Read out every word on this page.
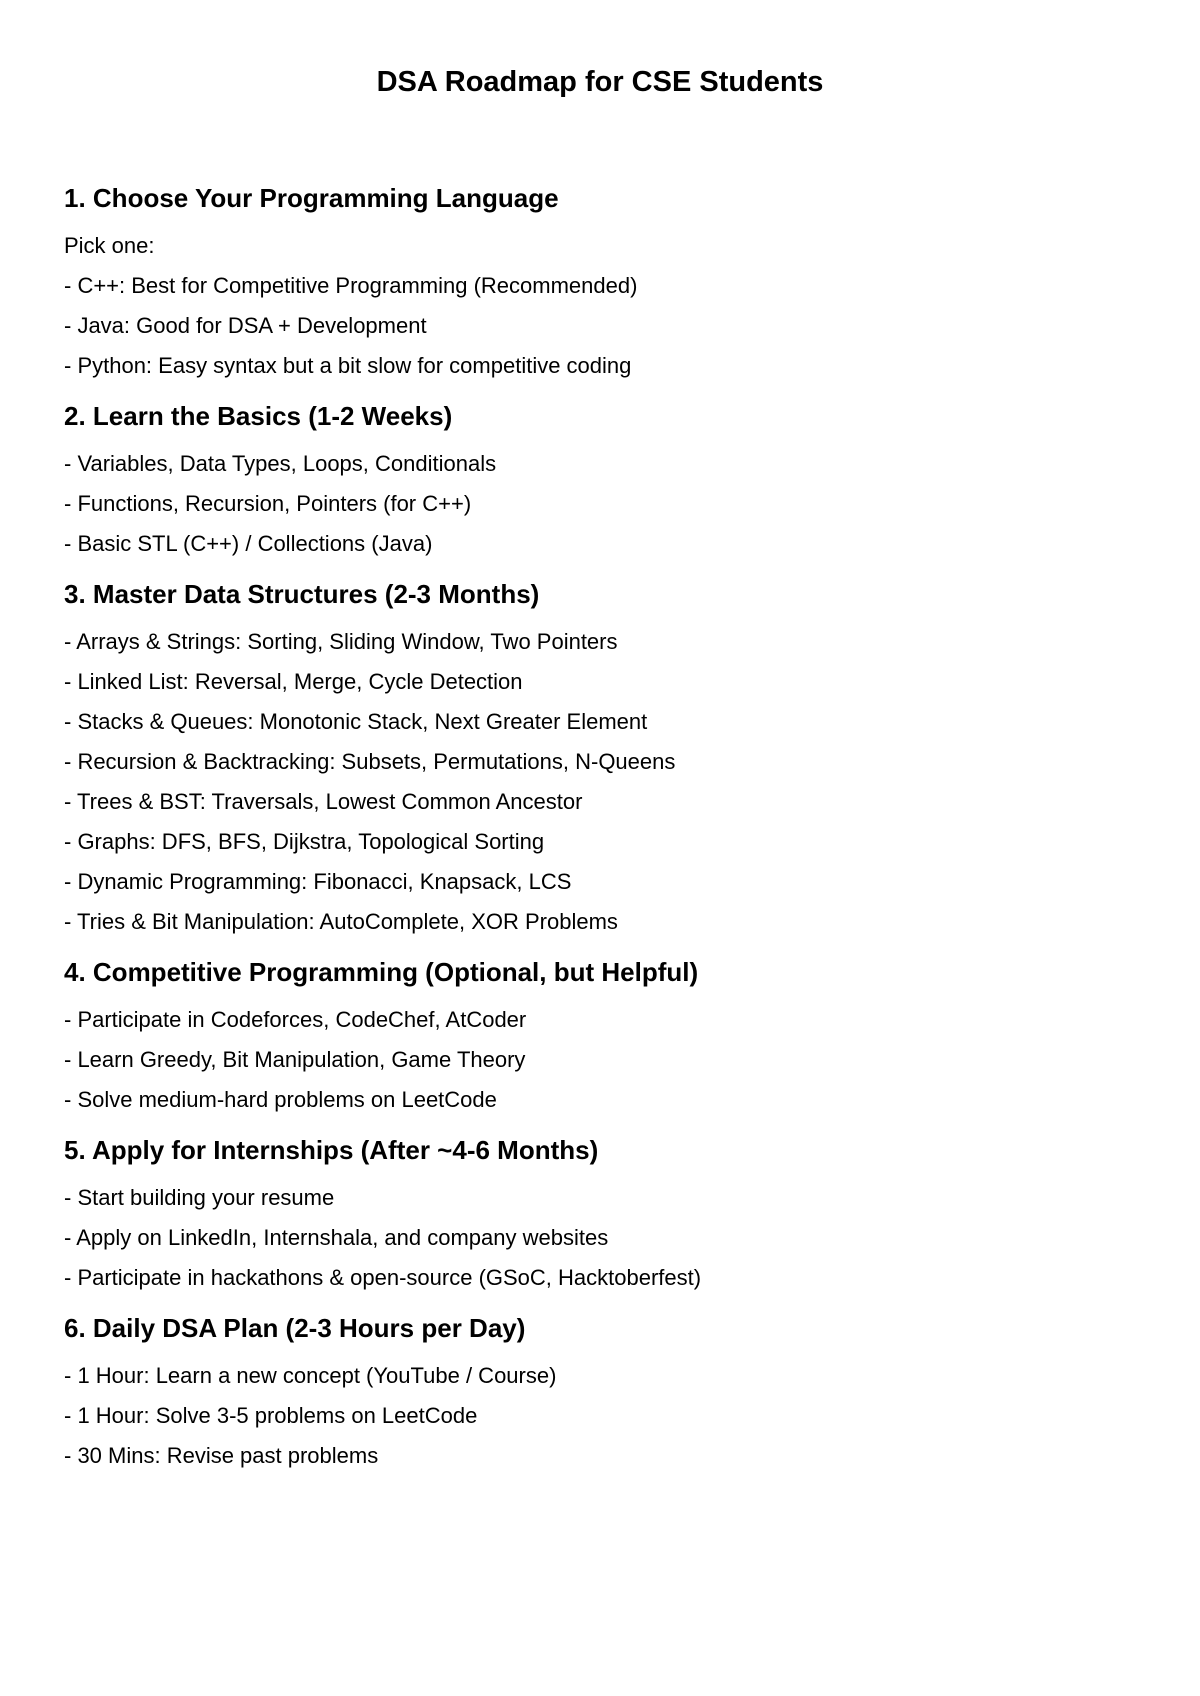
DSA Roadmap for CSE Students
1. Choose Your Programming Language

Pick one:

- C++: Best for Competitive Programming (Recommended)

- Java: Good for DSA + Development

- Python: Easy syntax but a bit slow for competitive coding

2. Learn the Basics (1-2 Weeks)

- Variables, Data Types, Loops, Conditionals

- Functions, Recursion, Pointers (for C++)

- Basic STL (C++) / Collections (Java)

3. Master Data Structures (2-3 Months)

- Arrays & Strings: Sorting, Sliding Window, Two Pointers

- Linked List: Reversal, Merge, Cycle Detection

- Stacks & Queues: Monotonic Stack, Next Greater Element

- Recursion & Backtracking: Subsets, Permutations, N-Queens

- Trees & BST: Traversals, Lowest Common Ancestor

- Graphs: DFS, BFS, Dijkstra, Topological Sorting

- Dynamic Programming: Fibonacci, Knapsack, LCS

- Tries & Bit Manipulation: AutoComplete, XOR Problems

4. Competitive Programming (Optional, but Helpful)

- Participate in Codeforces, CodeChef, AtCoder

- Learn Greedy, Bit Manipulation, Game Theory

- Solve medium-hard problems on LeetCode

5. Apply for Internships (After ~4-6 Months)

- Start building your resume

- Apply on LinkedIn, Internshala, and company websites

- Participate in hackathons & open-source (GSoC, Hacktoberfest)

6. Daily DSA Plan (2-3 Hours per Day)

- 1 Hour: Learn a new concept (YouTube / Course)

- 1 Hour: Solve 3-5 problems on LeetCode

- 30 Mins: Revise past problems
